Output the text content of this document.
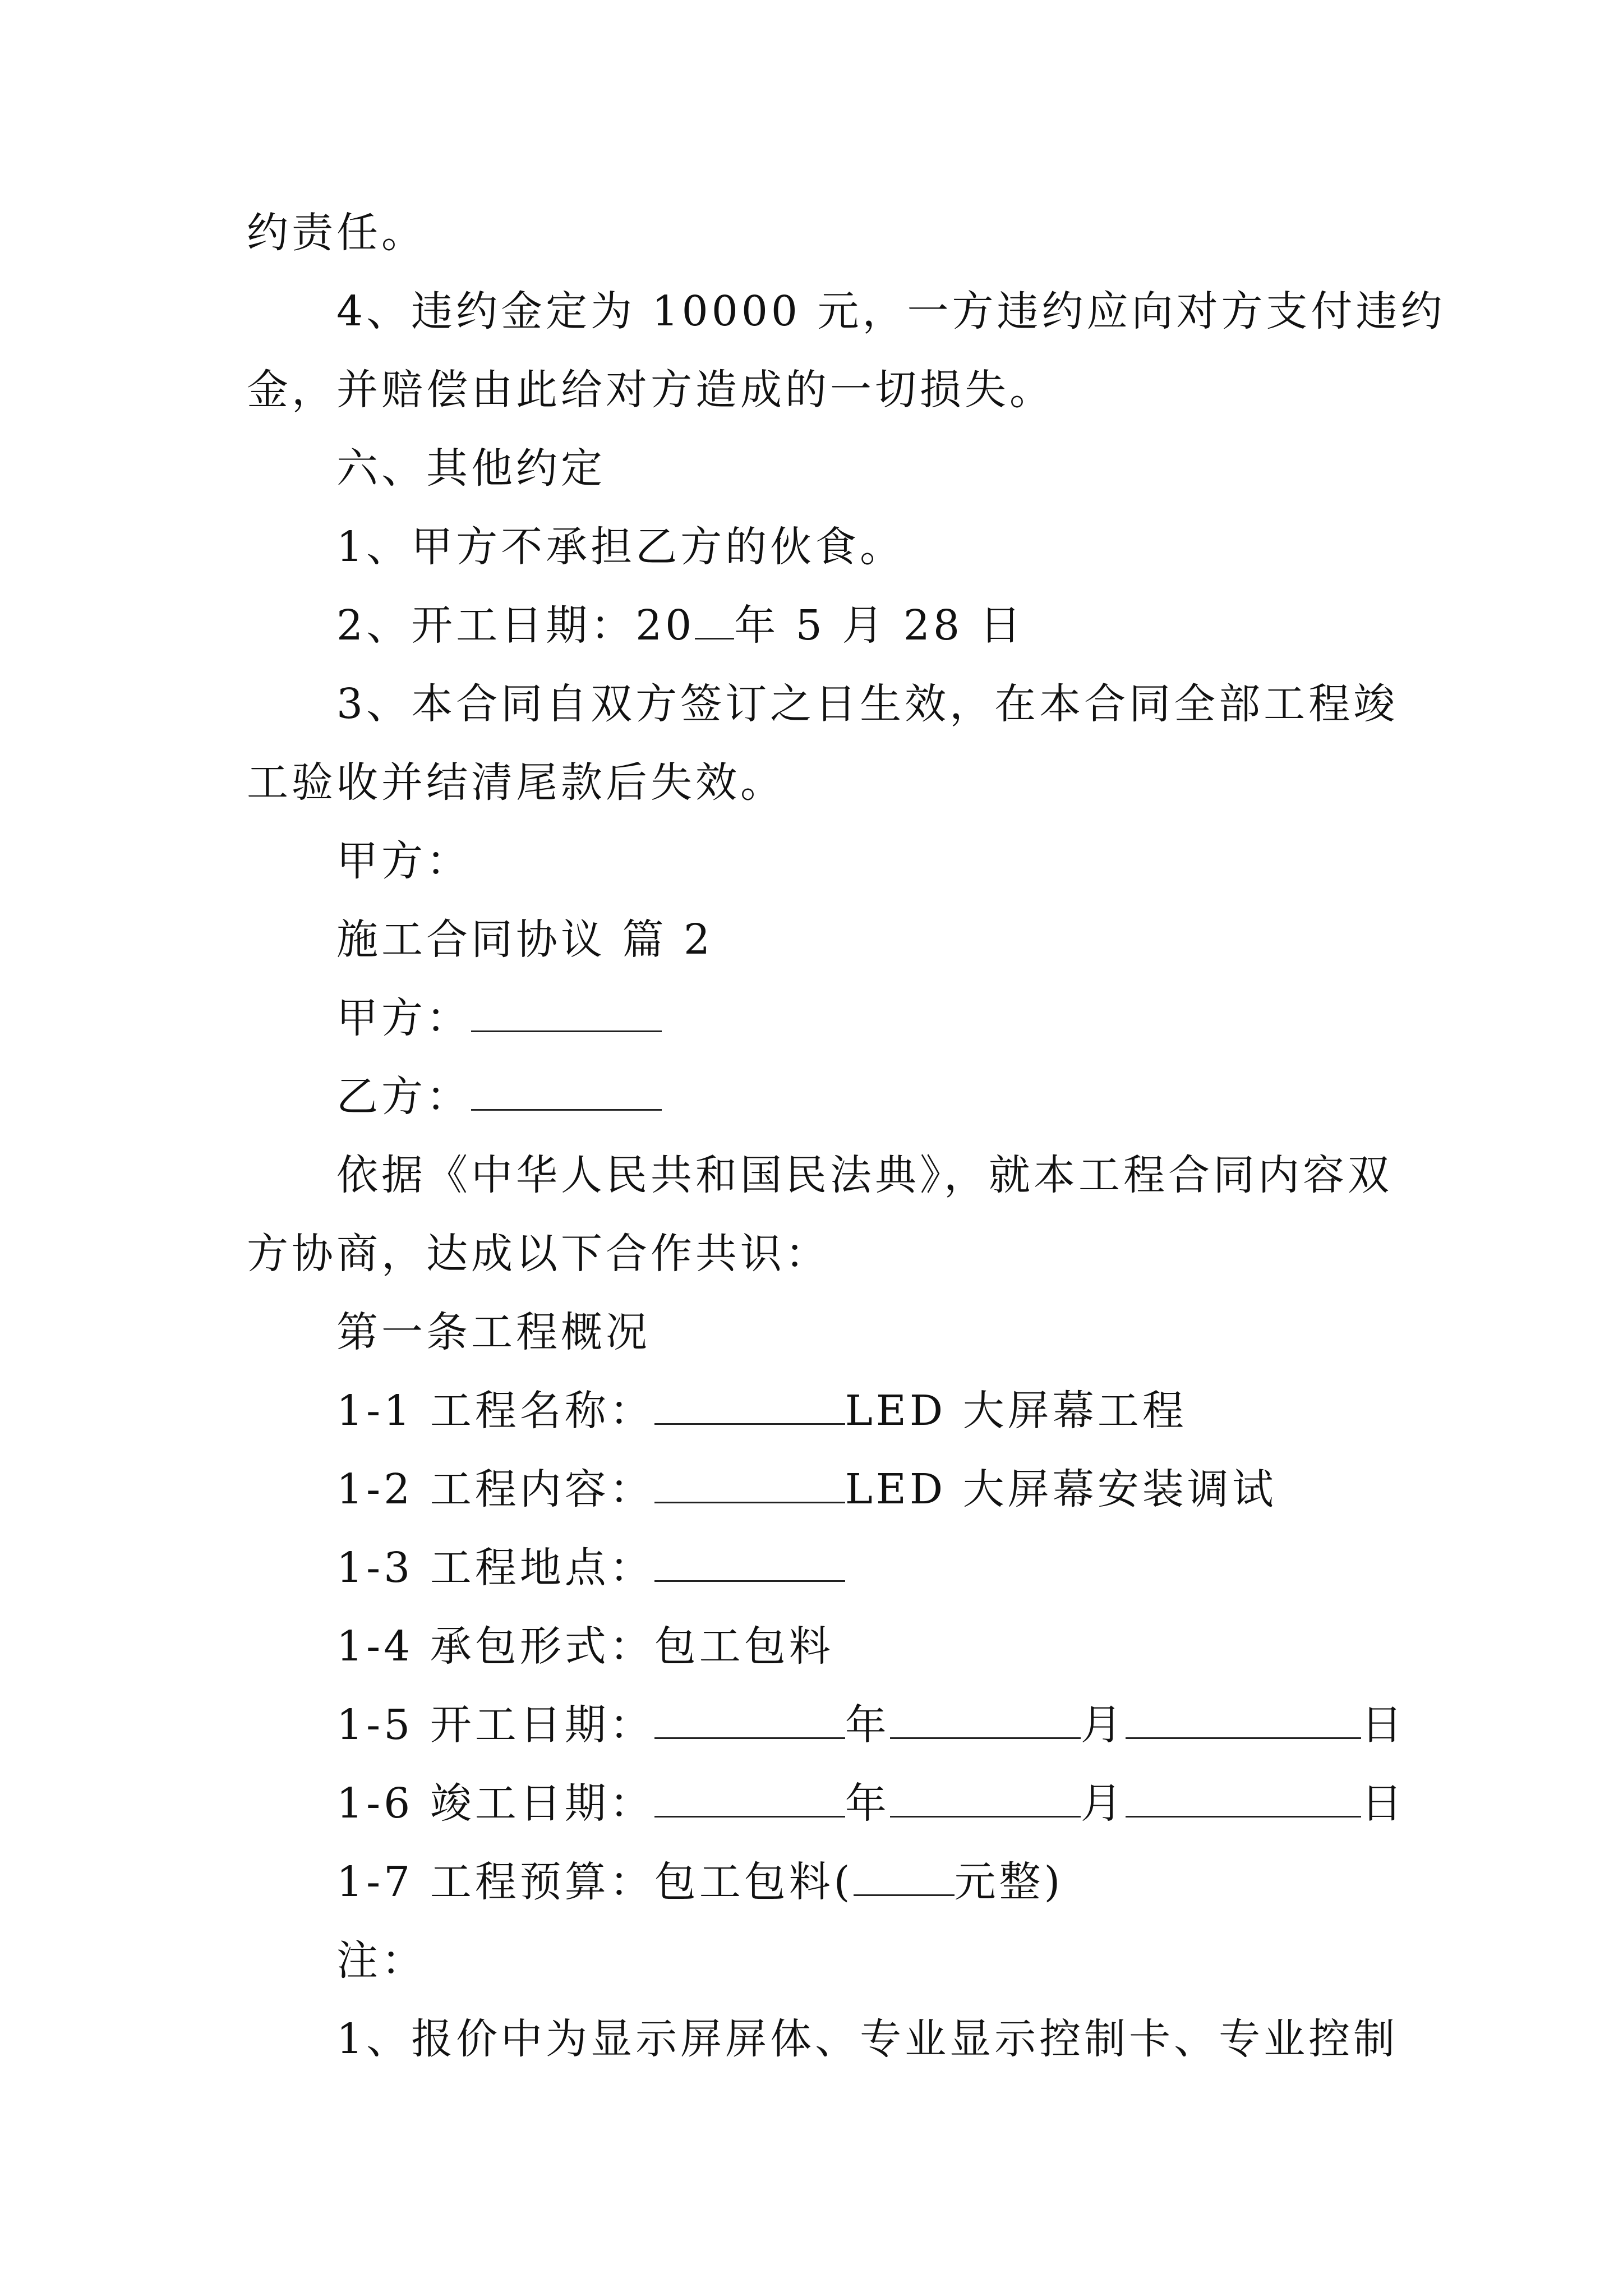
约责任。
4、违约金定为 10000 元，一方违约应向对方支付违约
金，并赔偿由此给对方造成的一切损失。
六、其他约定
1、甲方不承担乙方的伙食。
2、开工日期：20 年 5 月 28 日
3、本合同自双方签订之日生效，在本合同全部工程竣
工验收并结清尾款后失效。
甲方：
施工合同协议 篇 2
甲方：
乙方：
依据《中华人民共和国民法典》，就本工程合同内容双
方协商，达成以下合作共识：
第一条工程概况
1-1 工程名称：	LED 大屏幕工程
1-2 工程内容：	LED 大屏幕安装调试
1-3 工程地点：
1-4 承包形式：包工包料
1-5 开工日期：	年	月	日
1-6 竣工日期：	年	月	日
1-7 工程预算：包工包料( 元整)
注：
1、报价中为显示屏屏体、专业显示控制卡、专业控制
